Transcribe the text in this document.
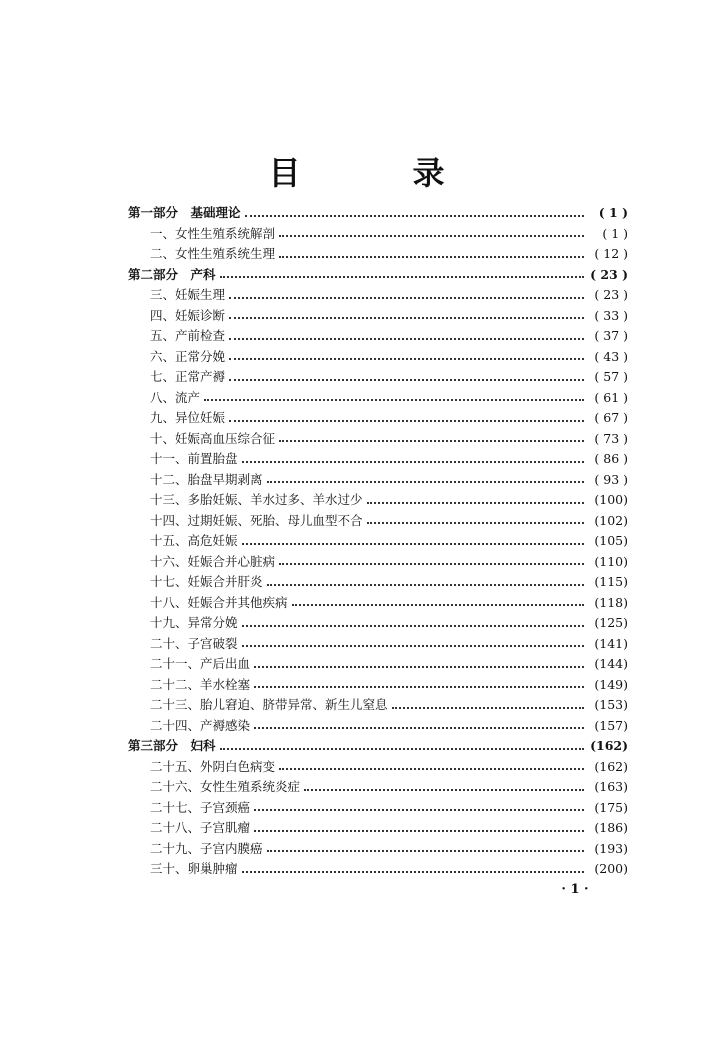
目　录
第一部分　基础理论	( 1 )
一、女性生殖系统解剖	( 1 )
二、女性生殖系统生理	( 12 )
第二部分　产科	( 23 )
三、妊娠生理	( 23 )
四、妊娠诊断	( 33 )
五、产前检查	( 37 )
六、正常分娩	( 43 )
七、正常产褥	( 57 )
八、流产	( 61 )
九、异位妊娠	( 67 )
十、妊娠高血压综合征	( 73 )
十一、前置胎盘	( 86 )
十二、胎盘早期剥离	( 93 )
十三、多胎妊娠、羊水过多、羊水过少	(100)
十四、过期妊娠、死胎、母儿血型不合	(102)
十五、高危妊娠	(105)
十六、妊娠合并心脏病	(110)
十七、妊娠合并肝炎	(115)
十八、妊娠合并其他疾病	(118)
十九、异常分娩	(125)
二十、子宫破裂	(141)
二十一、产后出血	(144)
二十二、羊水栓塞	(149)
二十三、胎儿窘迫、脐带异常、新生儿窒息	(153)
二十四、产褥感染	(157)
第三部分　妇科	(162)
二十五、外阴白色病变	(162)
二十六、女性生殖系统炎症	(163)
二十七、子宫颈癌	(175)
二十八、子宫肌瘤	(186)
二十九、子宫内膜癌	(193)
三十、卵巢肿瘤	(200)
· 1 ·
